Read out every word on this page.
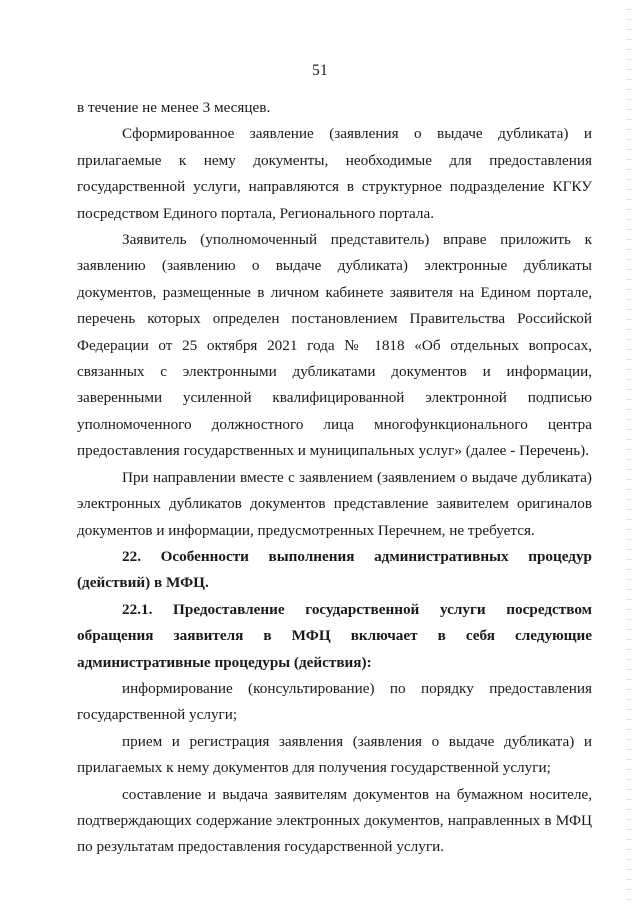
51

в течение не менее 3 месяцев.

Сформированное заявление (заявления о выдаче дубликата) и прилагаемые к нему документы, необходимые для предоставления государственной услуги, направляются в структурное подразделение КГКУ посредством Единого портала, Регионального портала.

Заявитель (уполномоченный представитель) вправе приложить к заявлению (заявлению о выдаче дубликата) электронные дубликаты документов, размещенные в личном кабинете заявителя на Едином портале, перечень которых определен постановлением Правительства Российской Федерации от 25 октября 2021 года № 1818 «Об отдельных вопросах, связанных с электронными дубликатами документов и информации, заверенными усиленной квалифицированной электронной подписью уполномоченного должностного лица многофункционального центра предоставления государственных и муниципальных услуг» (далее - Перечень).

При направлении вместе с заявлением (заявлением о выдаче дубликата) электронных дубликатов документов представление заявителем оригиналов документов и информации, предусмотренных Перечнем, не требуется.

22. Особенности выполнения административных процедур (действий) в МФЦ.

22.1. Предоставление государственной услуги посредством обращения заявителя в МФЦ включает в себя следующие административные процедуры (действия):

информирование (консультирование) по порядку предоставления государственной услуги;

прием и регистрация заявления (заявления о выдаче дубликата) и прилагаемых к нему документов для получения государственной услуги;

составление и выдача заявителям документов на бумажном носителе, подтверждающих содержание электронных документов, направленных в МФЦ по результатам предоставления государственной услуги.
